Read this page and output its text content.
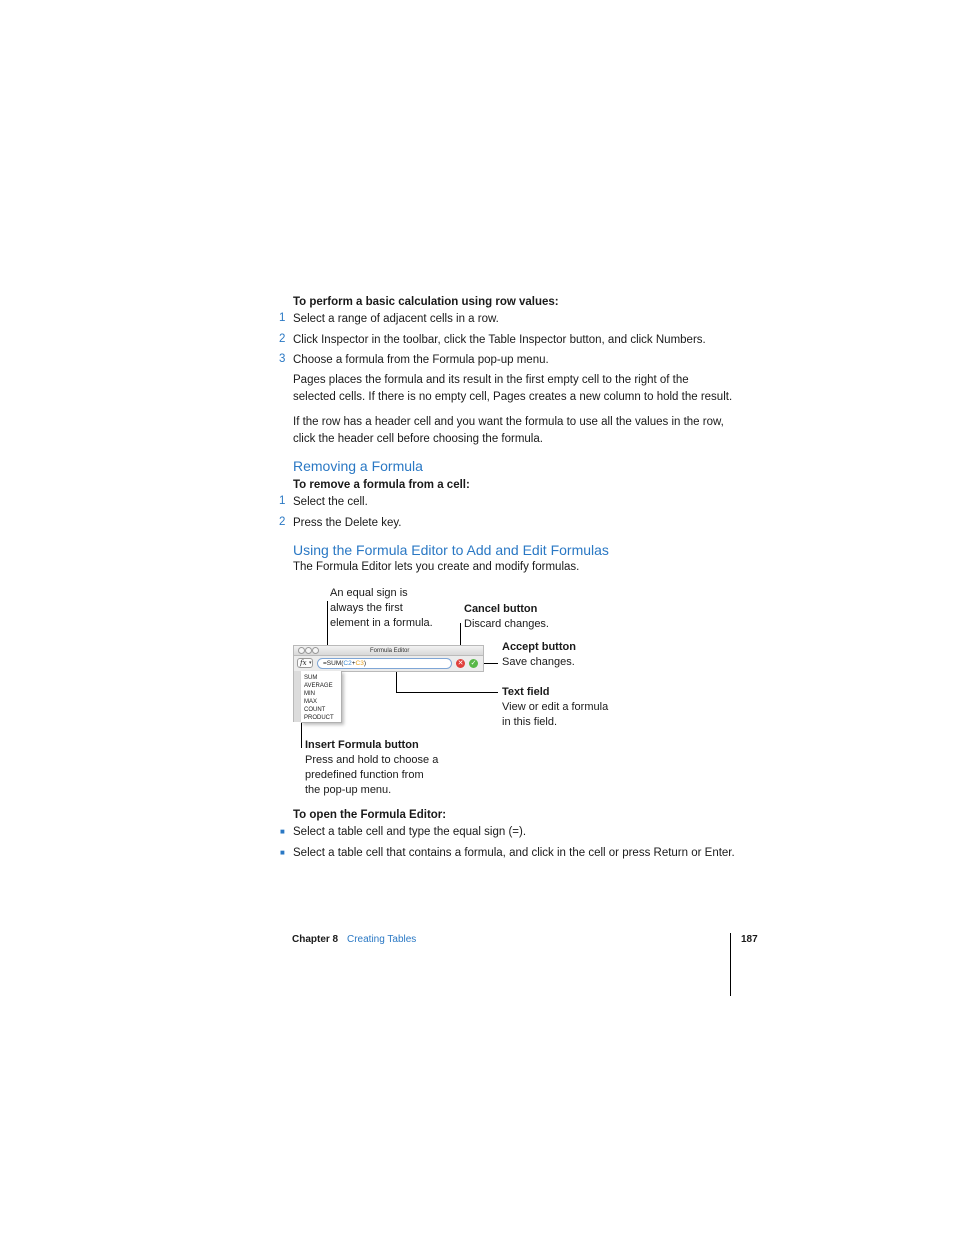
To perform a basic calculation using row values:
1 Select a range of adjacent cells in a row.
2 Click Inspector in the toolbar, click the Table Inspector button, and click Numbers.
3 Choose a formula from the Formula pop-up menu.
Pages places the formula and its result in the first empty cell to the right of the
selected cells. If there is no empty cell, Pages creates a new column to hold the result.
If the row has a header cell and you want the formula to use all the values in the row,
click the header cell before choosing the formula.
Removing a Formula
To remove a formula from a cell:
1 Select the cell.
2 Press the Delete key.
Using the Formula Editor to Add and Edit Formulas
The Formula Editor lets you create and modify formulas.
An equal sign is
always the first
element in a formula.
Cancel button
Discard changes.
Accept button
Save changes.
Text field
View or edit a formula
in this field.
Insert Formula button
Press and hold to choose a
predefined function from
the pop-up menu.
Formula Editor
fx ▾ =SUM(C2+C3)	✕ ✓
SUM
AVERAGE
MIN
MAX
COUNT
PRODUCT
To open the Formula Editor:
■ Select a table cell and type the equal sign (=).
■ Select a table cell that contains a formula, and click in the cell or press Return or Enter.
Chapter 8 Creating Tables	187
